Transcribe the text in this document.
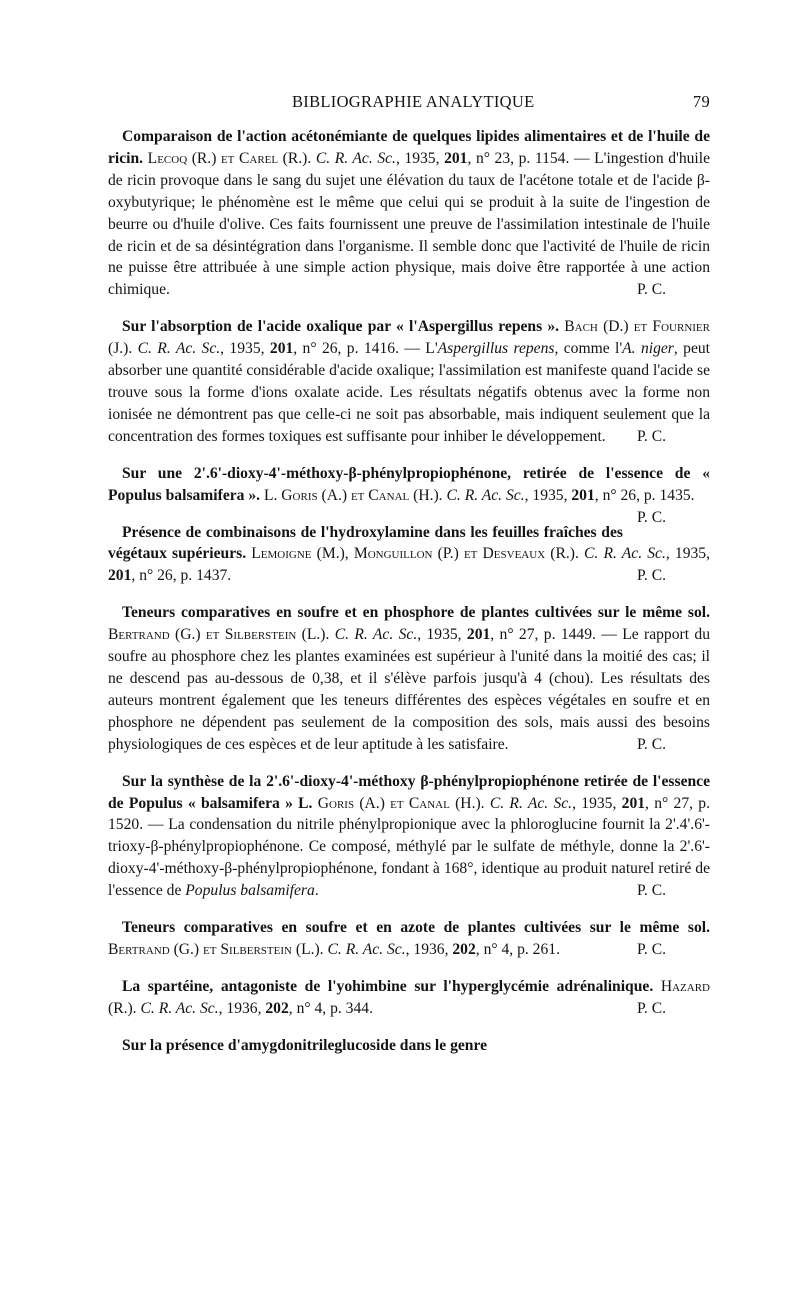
BIBLIOGRAPHIE ANALYTIQUE	79

Comparaison de l'action acétonémiante de quelques lipides alimentaires et de l'huile de ricin. Lecoq (R.) et Carel (R.). C. R. Ac. Sc., 1935, 201, n° 23, p. 1154. — L'ingestion d'huile de ricin provoque dans le sang du sujet une élévation du taux de l'acétone totale et de l'acide β-oxybutyrique; le phénomène est le même que celui qui se produit à la suite de l'ingestion de beurre ou d'huile d'olive. Ces faits fournissent une preuve de l'assimilation intestinale de l'huile de ricin et de sa désintégration dans l'organisme. Il semble donc que l'activité de l'huile de ricin ne puisse être attribuée à une simple action physique, mais doive être rapportée à une action chimique.	P. C.

Sur l'absorption de l'acide oxalique par « l'Aspergillus repens ». Bach (D.) et Fournier (J.). C. R. Ac. Sc., 1935, 201, n° 26, p. 1416. — L'Aspergillus repens, comme l'A. niger, peut absorber une quantité considérable d'acide oxalique; l'assimilation est manifeste quand l'acide se trouve sous la forme d'ions oxalate acide. Les résultats négatifs obtenus avec la forme non ionisée ne démontrent pas que celle-ci ne soit pas absorbable, mais indiquent seulement que la concentration des formes toxiques est suffisante pour inhiber le développement.	P. C.

Sur une 2'.6'-dioxy-4'-méthoxy-β-phénylpropiophénone, retirée de l'essence de « Populus balsamifera ». L. Goris (A.) et Canal (H.). C. R. Ac. Sc., 1935, 201, n° 26, p. 1435.
P. C.

Présence de combinaisons de l'hydroxylamine dans les feuilles fraîches des végétaux supérieurs. Lemoigne (M.), Monguillon (P.) et Desveaux (R.). C. R. Ac. Sc., 1935, 201, n° 26, p. 1437.	P. C.

Teneurs comparatives en soufre et en phosphore de plantes cultivées sur le même sol. Bertrand (G.) et Silberstein (L.). C. R. Ac. Sc., 1935, 201, n° 27, p. 1449. — Le rapport du soufre au phosphore chez les plantes examinées est supérieur à l'unité dans la moitié des cas; il ne descend pas au-dessous de 0,38, et il s'élève parfois jusqu'à 4 (chou). Les résultats des auteurs montrent également que les teneurs différentes des espèces végétales en soufre et en phosphore ne dépendent pas seulement de la composition des sols, mais aussi des besoins physiologiques de ces espèces et de leur aptitude à les satisfaire.	P. C.

Sur la synthèse de la 2'.6'-dioxy-4'-méthoxy β-phénylpropiophénone retirée de l'essence de Populus « balsamifera » L. Goris (A.) et Canal (H.). C. R. Ac. Sc., 1935, 201, n° 27, p. 1520. — La condensation du nitrile phénylpropionique avec la phloroglucine fournit la 2'.4'.6'-trioxy-β-phénylpropiophénone. Ce composé, méthylé par le sulfate de méthyle, donne la 2'.6'-dioxy-4'-méthoxy-β-phénylpropiophénone, fondant à 168°, identique au produit naturel retiré de l'essence de Populus balsamifera.	P. C.

Teneurs comparatives en soufre et en azote de plantes cultivées sur le même sol. Bertrand (G.) et Silberstein (L.). C. R. Ac. Sc., 1936, 202, n° 4, p. 261.	P. C.

La spartéine, antagoniste de l'yohimbine sur l'hyperglycémie adrénalinique. Hazard (R.). C. R. Ac. Sc., 1936, 202, n° 4, p. 344.	P. C.

Sur la présence d'amygdonitrileglucoside dans le genre
